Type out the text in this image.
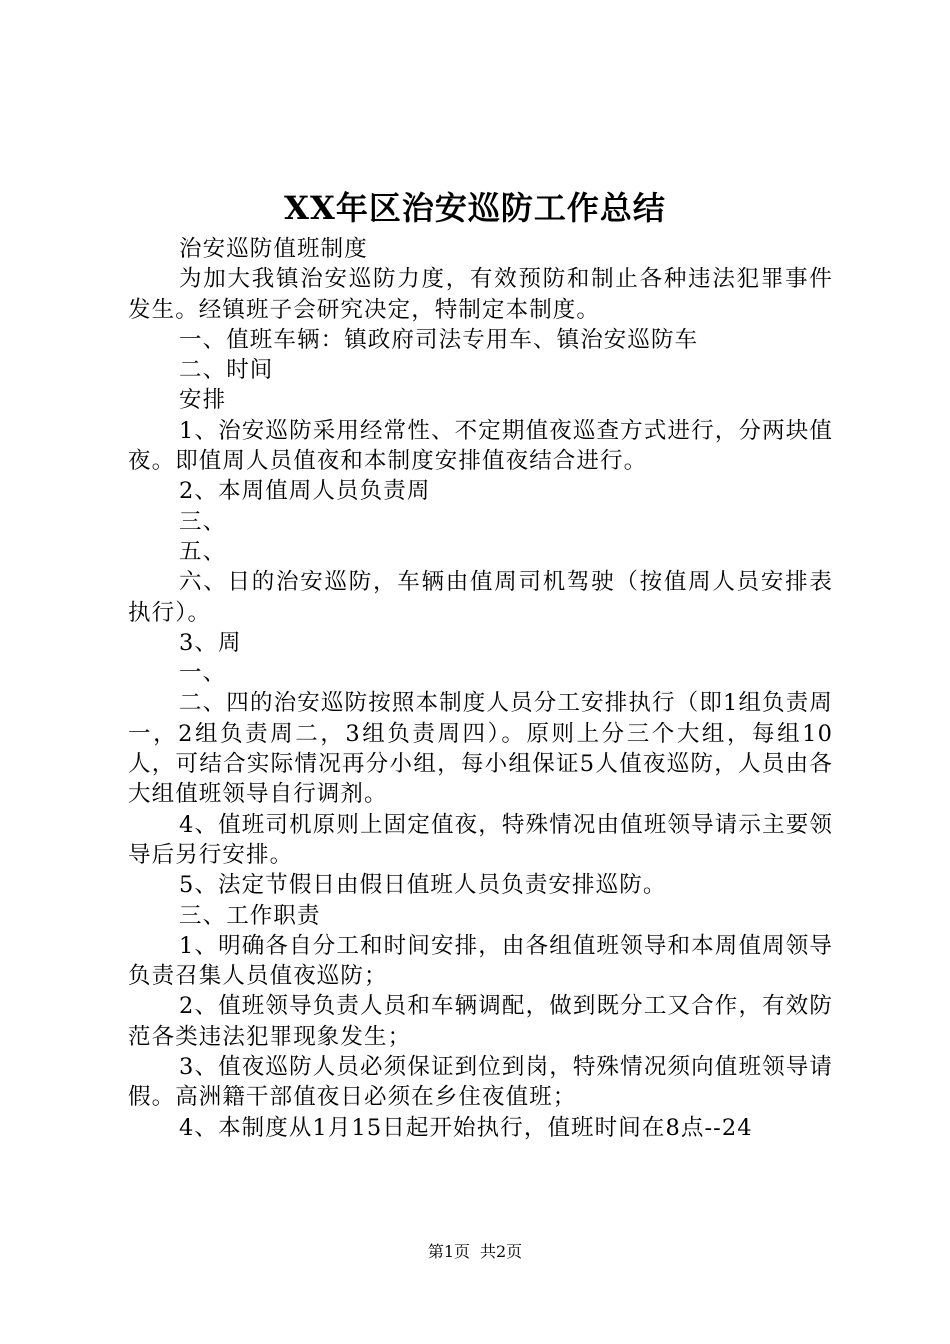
XX年区治安巡防工作总结

治安巡防值班制度

为加大我镇治安巡防力度，有效预防和制止各种违法犯罪事件发生。经镇班子会研究决定，特制定本制度。

一、值班车辆：镇政府司法专用车、镇治安巡防车

二、时间

安排

1、治安巡防采用经常性、不定期值夜巡查方式进行，分两块值夜。即值周人员值夜和本制度安排值夜结合进行。

2、本周值周人员负责周

三、

五、

六、日的治安巡防，车辆由值周司机驾驶（按值周人员安排表执行）。

3、周

一、

二、四的治安巡防按照本制度人员分工安排执行（即1组负责周一，2组负责周二，3组负责周四）。原则上分三个大组，每组10人，可结合实际情况再分小组，每小组保证5人值夜巡防，人员由各大组值班领导自行调剂。

4、值班司机原则上固定值夜，特殊情况由值班领导请示主要领导后另行安排。

5、法定节假日由假日值班人员负责安排巡防。

三、工作职责

1、明确各自分工和时间安排，由各组值班领导和本周值周领导负责召集人员值夜巡防；

2、值班领导负责人员和车辆调配，做到既分工又合作，有效防范各类违法犯罪现象发生；

3、值夜巡防人员必须保证到位到岗，特殊情况须向值班领导请假。高洲籍干部值夜日必须在乡住夜值班；

4、本制度从1月15日起开始执行，值班时间在8点--24

第1页 共2页
